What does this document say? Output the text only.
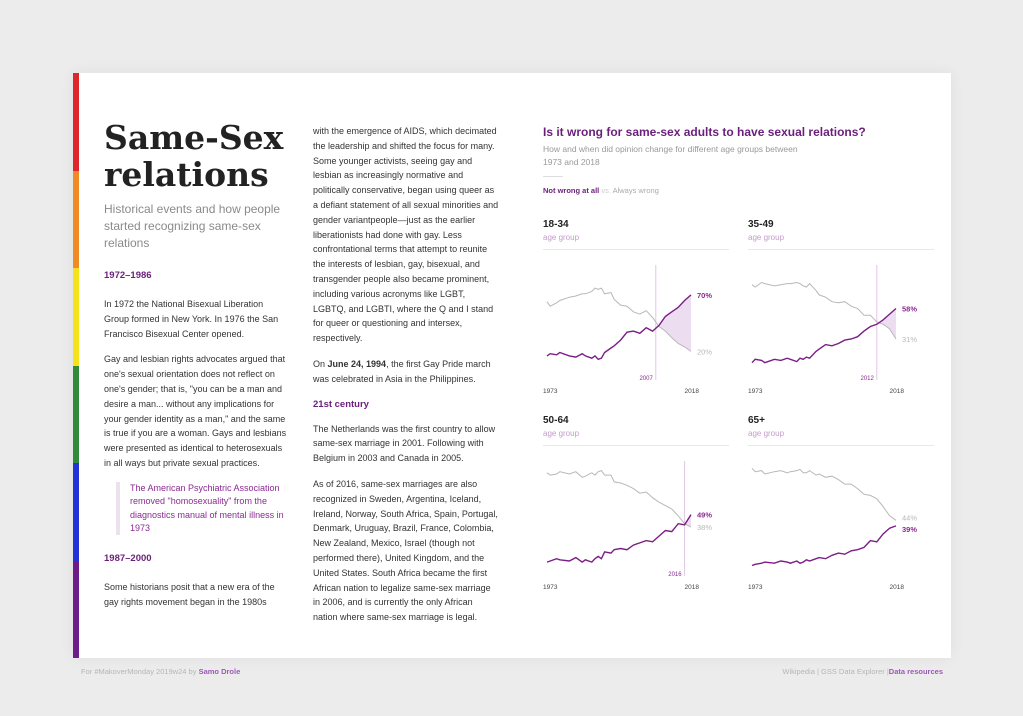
Same-Sex
relations
Historical events and how people started recognizing same-sex relations
1972–1986

In 1972 the National Bisexual Liberation Group formed in New York. In 1976 the San Francisco Bisexual Center opened.

Gay and lesbian rights advocates argued that one's sexual orientation does not reflect on one's gender; that is, "you can be a man and desire a man... without any implications for your gender identity as a man," and the same is true if you are a woman. Gays and lesbians were presented as identical to heterosexuals in all ways but private sexual practices.

The American Psychiatric Association removed "homosexuality" from the diagnostics manual of mental illness in 1973
1987–2000

Some historians posit that a new era of the gay rights movement began in the 1980s

with the emergence of AIDS, which decimated the leadership and shifted the focus for many. Some younger activists, seeing gay and lesbian as increasingly normative and politically conservative, began using queer as a defiant statement of all sexual minorities and gender variantpeople—just as the earlier liberationists had done with gay. Less confrontational terms that attempt to reunite the interests of lesbian, gay, bisexual, and transgender people also became prominent, including various acronyms like LGBT, LGBTQ, and LGBTI, where the Q and I stand for queer or questioning and intersex, respectively.

On June 24, 1994, the first Gay Pride march was celebrated in Asia in the Philippines.

21st century

The Netherlands was the first country to allow same-sex marriage in 2001. Following with Belgium in 2003 and Canada in 2005.

As of 2016, same-sex marriages are also recognized in Sweden, Argentina, Iceland, Ireland, Norway, South Africa, Spain, Portugal, Denmark, Uruguay, Brazil, France, Colombia, New Zealand, Mexico, Israel (though not performed there), United Kingdom, and the United States. South Africa became the first African nation to legalize same-sex marriage in 2006, and is currently the only African nation where same-sex marriage is legal.

Is it wrong for same-sex adults to have sexual relations?
How and when did opinion change for different age groups between 1973 and 2018
Not wrong at all vs. Always wrong
18-34
age group
2007
70%
20%
1973	2018
35-49
age group
2012
58%
31%
1973	2018
50-64
age group
2016
49%
38%
1973	2018
65+
age group
39%
44%
1973	2018
For #MakoverMonday 2019w24 by Samo Drole	Wikipedia | GSS Data Explorer |Data resources
